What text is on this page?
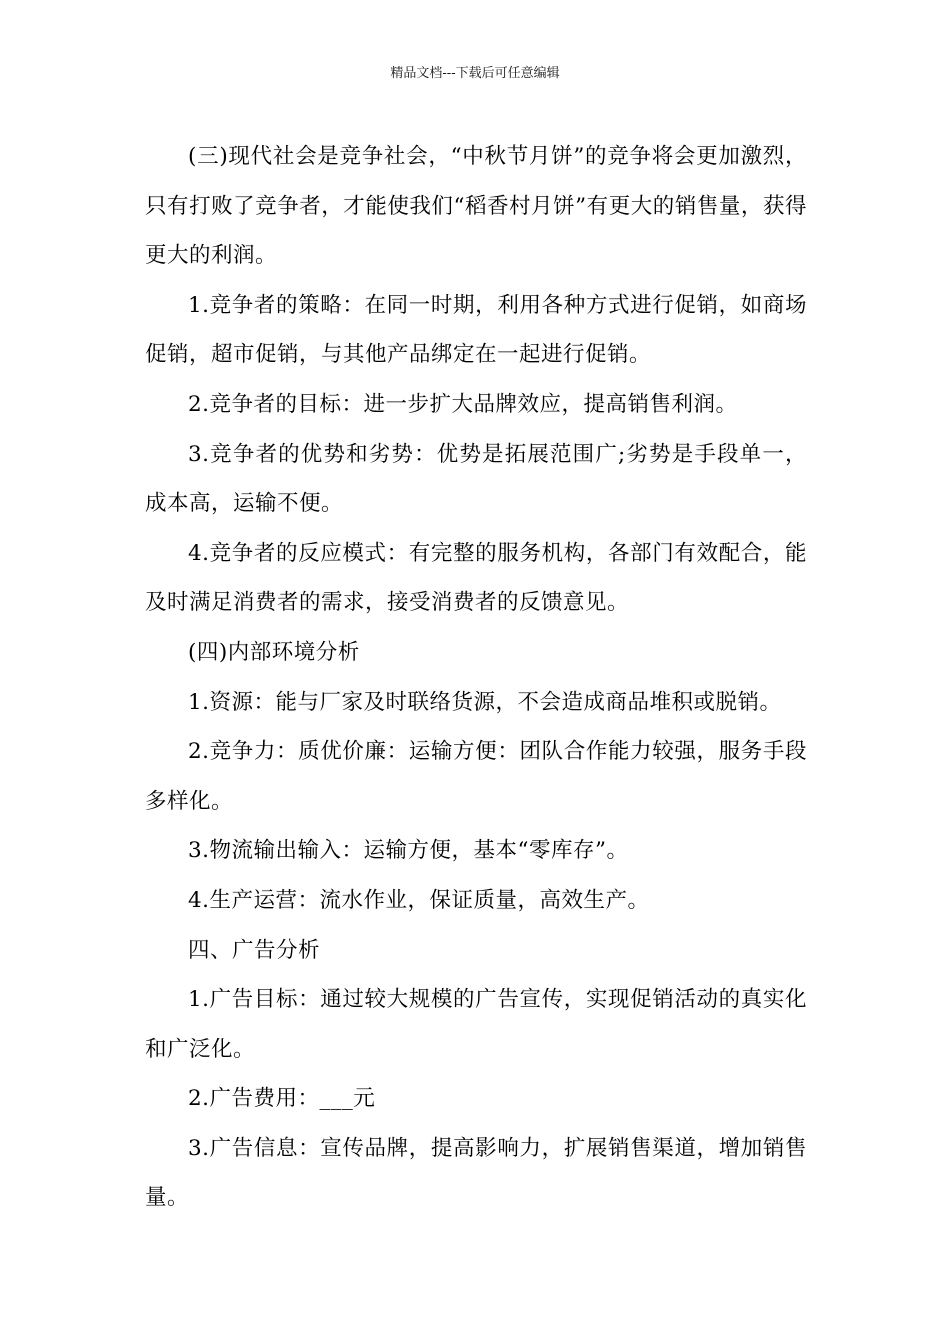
精品文档---下载后可任意编辑

(三)现代社会是竞争社会，“中秋节月饼”的竞争将会更加激烈，只有打败了竞争者，才能使我们“稻香村月饼”有更大的销售量，获得更大的利润。

1.竞争者的策略：在同一时期，利用各种方式进行促销，如商场促销，超市促销，与其他产品绑定在一起进行促销。

2.竞争者的目标：进一步扩大品牌效应，提高销售利润。

3.竞争者的优势和劣势：优势是拓展范围广;劣势是手段单一，成本高，运输不便。

4.竞争者的反应模式：有完整的服务机构，各部门有效配合，能及时满足消费者的需求，接受消费者的反馈意见。

(四)内部环境分析

1.资源：能与厂家及时联络货源，不会造成商品堆积或脱销。

2.竞争力：质优价廉：运输方便：团队合作能力较强，服务手段多样化。

3.物流输出输入：运输方便，基本“零库存”。

4.生产运营：流水作业，保证质量，高效生产。

四、广告分析

1.广告目标：通过较大规模的广告宣传，实现促销活动的真实化和广泛化。

2.广告费用：___元

3.广告信息：宣传品牌，提高影响力，扩展销售渠道，增加销售量。
